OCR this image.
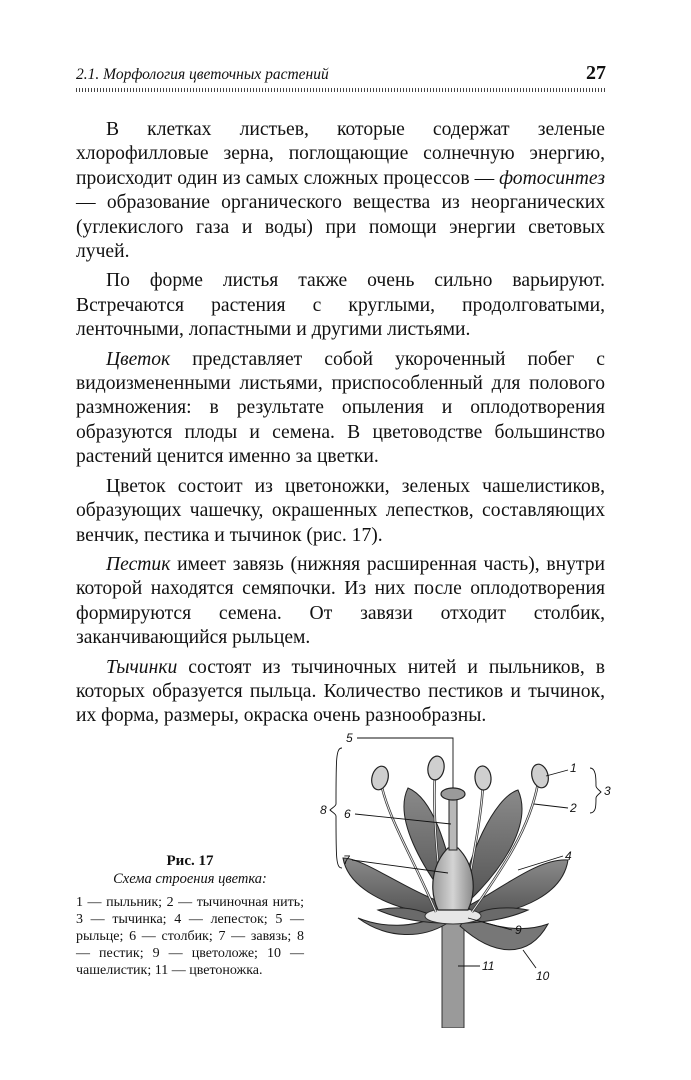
2.1. Морфология цветочных растений	27

В клетках листьев, которые содержат зеленые хлорофилловые зерна, поглощающие солнечную энергию, происходит один из самых сложных процессов — фотосинтез — образование органического вещества из неорганических (углекислого газа и воды) при помощи энергии световых лучей.

По форме листья также очень сильно варьируют. Встречаются растения с круглыми, продолговатыми, ленточными, лопастными и другими листьями.

Цветок представляет собой укороченный побег с видоизмененными листьями, приспособленный для полового размножения: в результате опыления и оплодотворения образуются плоды и семена. В цветоводстве большинство растений ценится именно за цветки.

Цветок состоит из цветоножки, зеленых чашелистиков, образующих чашечку, окрашенных лепестков, составляющих венчик, пестика и тычинок (рис. 17).

Пестик имеет завязь (нижняя расширенная часть), внутри которой находятся семяпочки. Из них после оплодотворения формируются семена. От завязи отходит столбик, заканчивающийся рыльцем.

Тычинки состоят из тычиночных нитей и пыльников, в которых образуется пыльца. Количество пестиков и тычинок, их форма, размеры, окраска очень разнообразны.

Рис. 17
Схема строения цветка:
1 — пыльник; 2 — тычиночная нить; 3 — тычинка; 4 — лепесток; 5 — рыльце; 6 — столбик; 7 — завязь; 8 — пестик; 9 — цветоложе; 10 — чашелистик; 11 — цветоножка.
5
6
7
8
1
2
3
4
9
10
11
